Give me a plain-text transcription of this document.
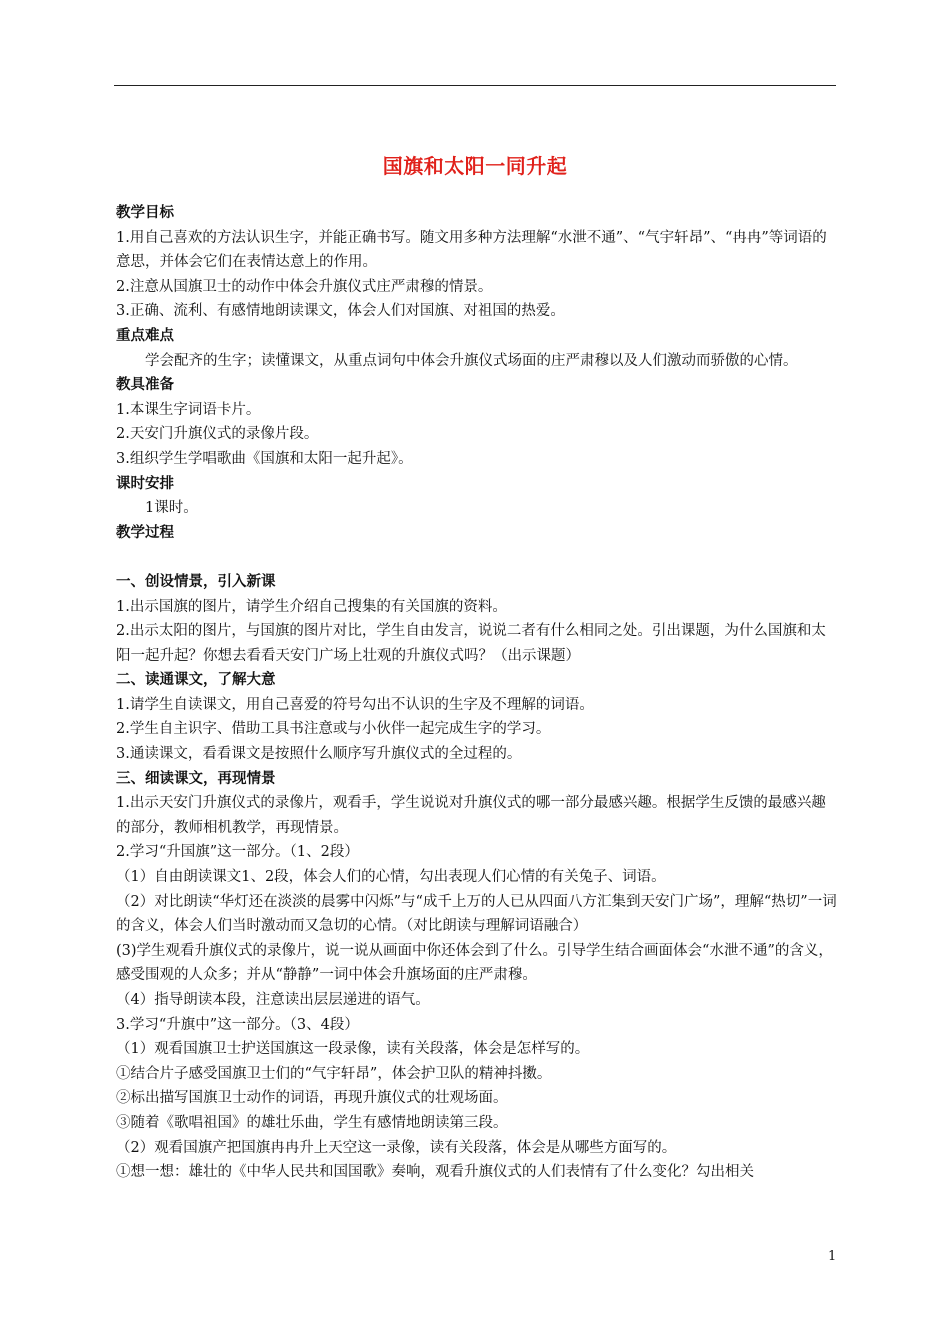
国旗和太阳一同升起

教学目标

1.用自己喜欢的方法认识生字，并能正确书写。随文用多种方法理解“水泄不通”、“气宇轩昂”、“冉冉”等词语的意思，并体会它们在表情达意上的作用。

2.注意从国旗卫士的动作中体会升旗仪式庄严肃穆的情景。

3.正确、流利、有感情地朗读课文，体会人们对国旗、对祖国的热爱。

重点难点

学会配齐的生字；读懂课文，从重点词句中体会升旗仪式场面的庄严肃穆以及人们激动而骄傲的心情。

教具准备

1.本课生字词语卡片。

2.天安门升旗仪式的录像片段。

3.组织学生学唱歌曲《国旗和太阳一起升起》。

课时安排

1课时。

教学过程

一、创设情景，引入新课

1.出示国旗的图片，请学生介绍自己搜集的有关国旗的资料。

2.出示太阳的图片，与国旗的图片对比，学生自由发言，说说二者有什么相同之处。引出课题，为什么国旗和太阳一起升起？你想去看看天安门广场上壮观的升旗仪式吗？（出示课题）

二、读通课文，了解大意

1.请学生自读课文，用自己喜爱的符号勾出不认识的生字及不理解的词语。

2.学生自主识字、借助工具书注意或与小伙伴一起完成生字的学习。

3.通读课文，看看课文是按照什么顺序写升旗仪式的全过程的。

三、细读课文，再现情景

1.出示天安门升旗仪式的录像片，观看手，学生说说对升旗仪式的哪一部分最感兴趣。根据学生反馈的最感兴趣的部分，教师相机教学，再现情景。

2.学习“升国旗”这一部分。（1、2段）

（1）自由朗读课文1、2段，体会人们的心情，勾出表现人们心情的有关兔子、词语。

（2）对比朗读“华灯还在淡淡的晨雾中闪烁”与“成千上万的人已从四面八方汇集到天安门广场”，理解“热切”一词的含义，体会人们当时激动而又急切的心情。（对比朗读与理解词语融合）

(3)学生观看升旗仪式的录像片，说一说从画面中你还体会到了什么。引导学生结合画面体会“水泄不通”的含义，感受围观的人众多；并从“静静”一词中体会升旗场面的庄严肃穆。

（4）指导朗读本段，注意读出层层递进的语气。

3.学习“升旗中”这一部分。（3、4段）

（1）观看国旗卫士护送国旗这一段录像，读有关段落，体会是怎样写的。

①结合片子感受国旗卫士们的“气宇轩昂”，体会护卫队的精神抖擞。

②标出描写国旗卫士动作的词语，再现升旗仪式的壮观场面。

③随着《歌唱祖国》的雄壮乐曲，学生有感情地朗读第三段。

（2）观看国旗产把国旗冉冉升上天空这一录像，读有关段落，体会是从哪些方面写的。

①想一想：雄壮的《中华人民共和国国歌》奏响，观看升旗仪式的人们表情有了什么变化？勾出相关

1
